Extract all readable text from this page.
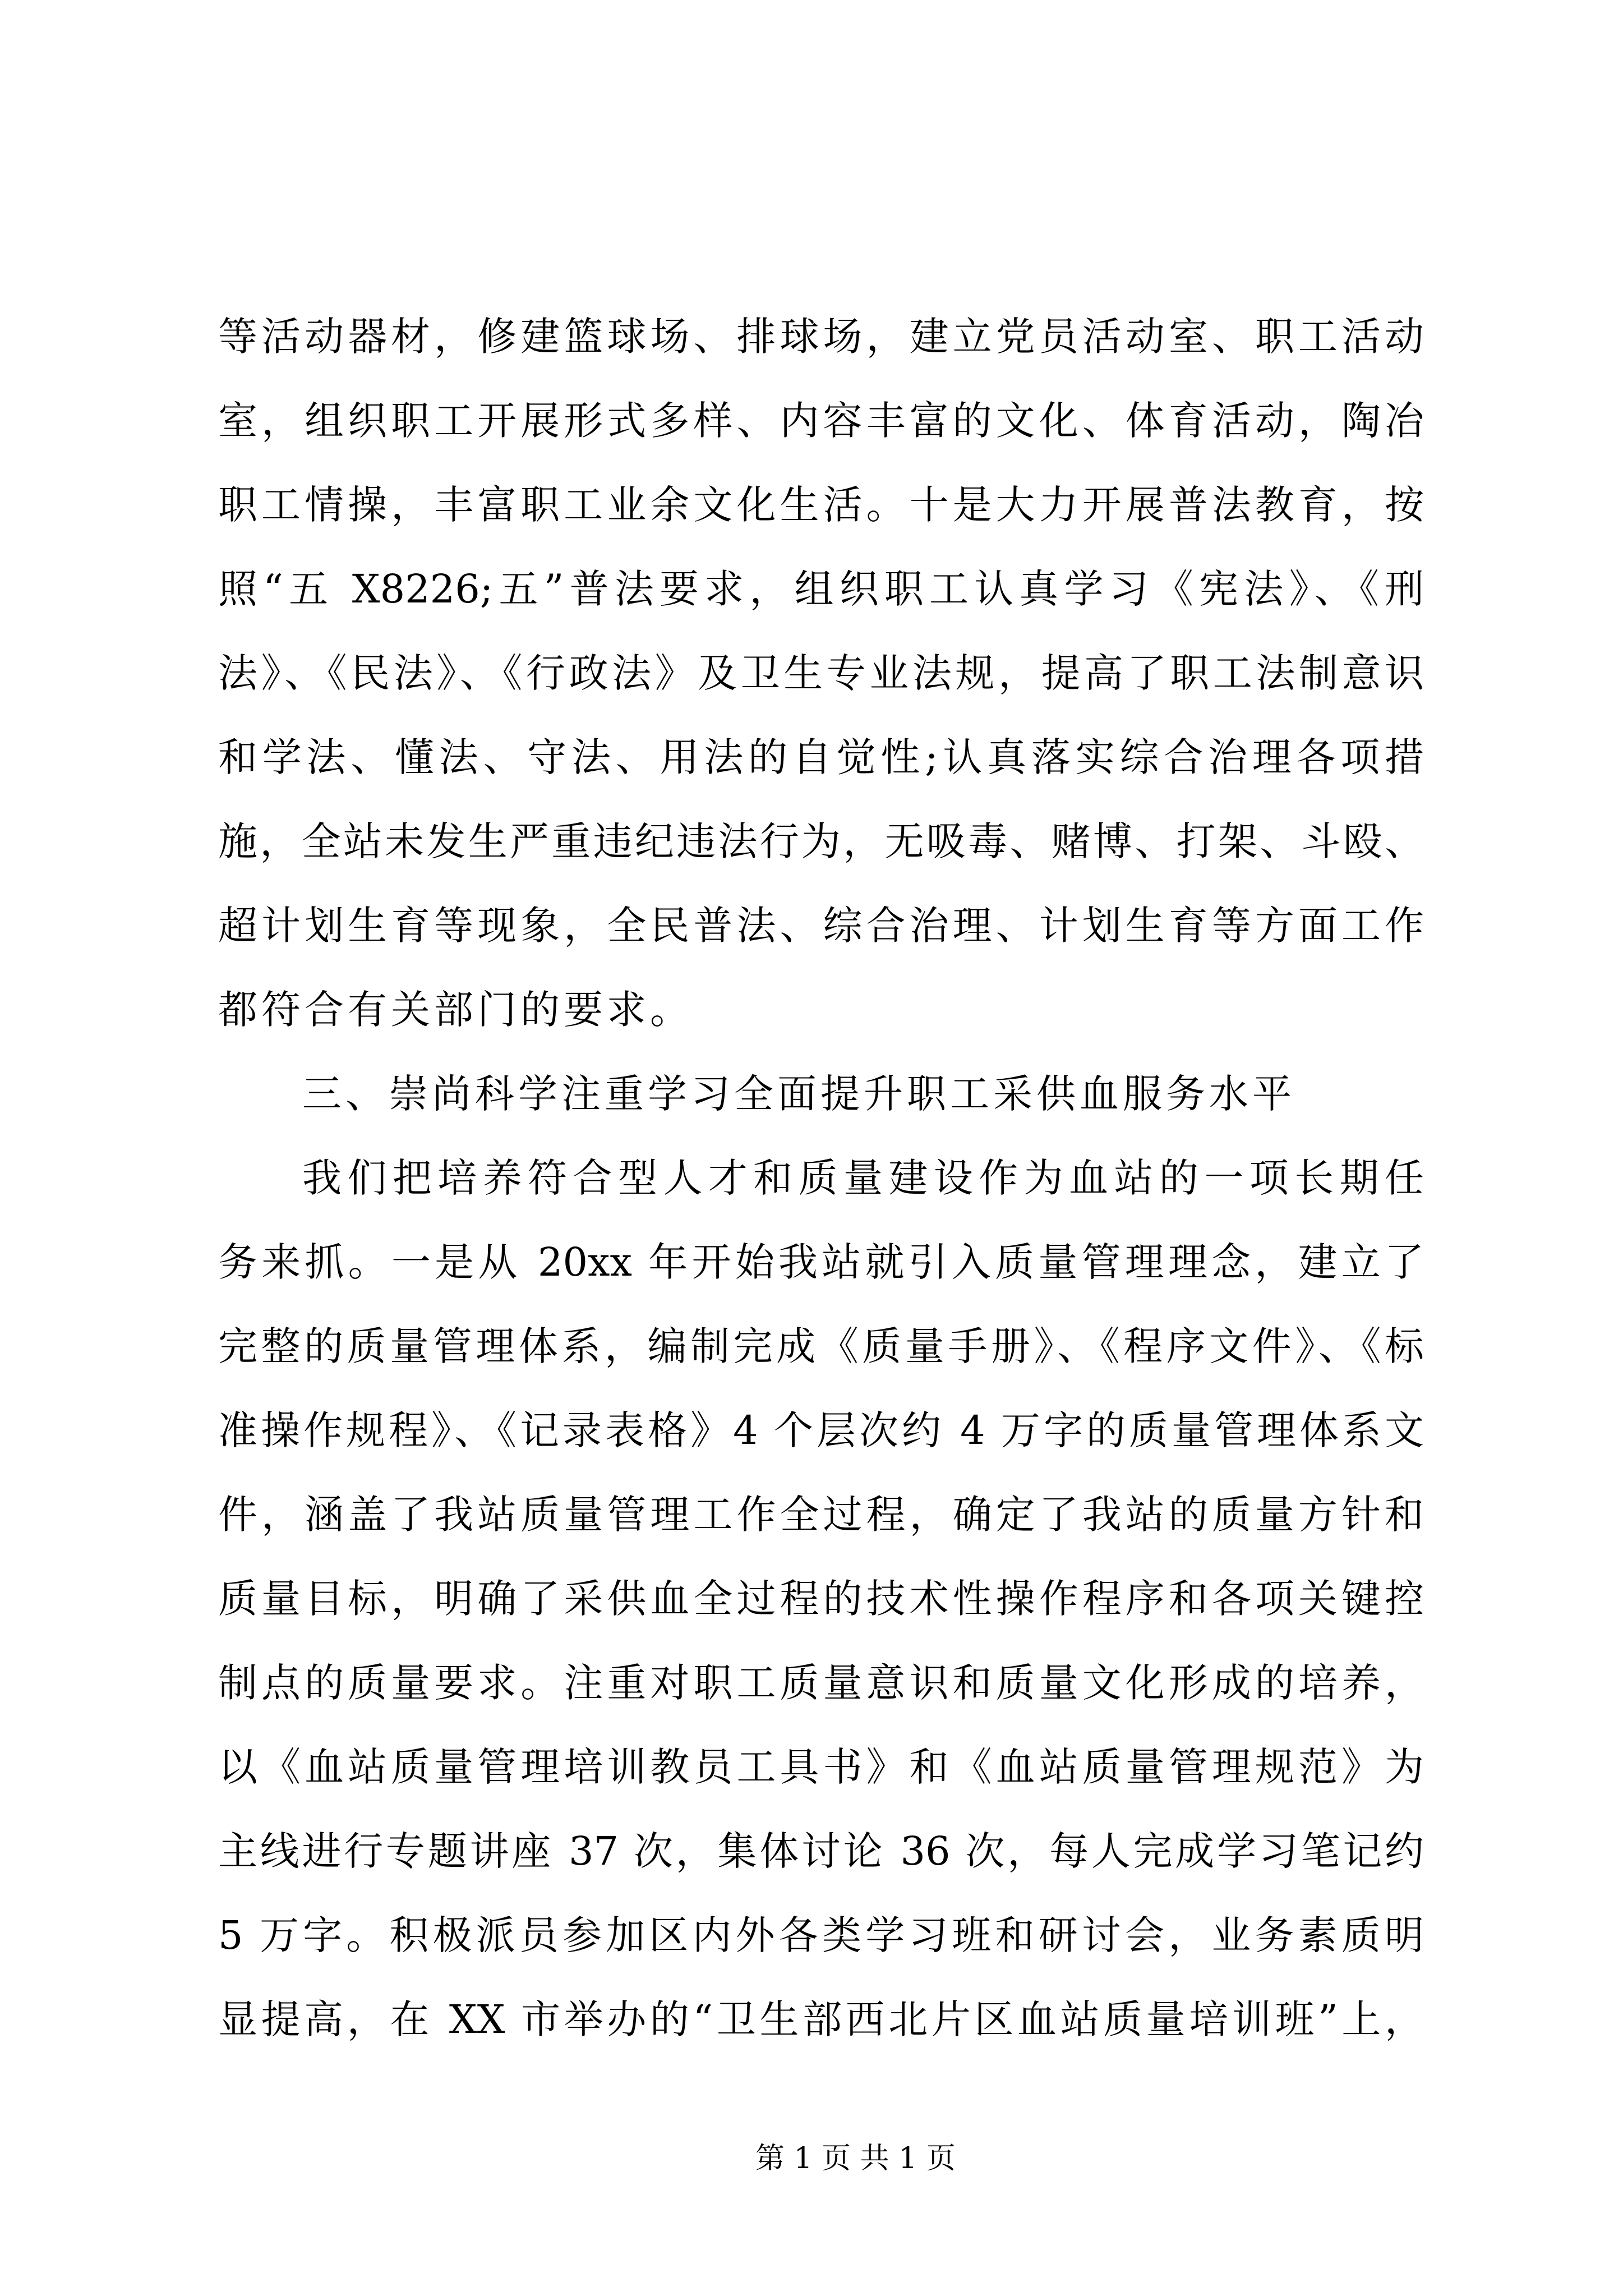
等活动器材，修建篮球场、排球场，建立党员活动室、职工活动
室，组织职工开展形式多样、内容丰富的文化、体育活动，陶冶
职工情操，丰富职工业余文化生活。十是大力开展普法教育，按
照“五 X8226;五”普法要求，组织职工认真学习《宪法》、《刑
法》、《民法》、《行政法》及卫生专业法规，提高了职工法制意识
和学法、懂法、守法、用法的自觉性;认真落实综合治理各项措
施，全站未发生严重违纪违法行为，无吸毒、赌博、打架、斗殴、
超计划生育等现象，全民普法、综合治理、计划生育等方面工作
都符合有关部门的要求。
三、崇尚科学注重学习全面提升职工采供血服务水平
我们把培养符合型人才和质量建设作为血站的一项长期任
务来抓。一是从 20xx 年开始我站就引入质量管理理念，建立了
完整的质量管理体系，编制完成《质量手册》、《程序文件》、《标
准操作规程》、《记录表格》4 个层次约 4 万字的质量管理体系文
件，涵盖了我站质量管理工作全过程，确定了我站的质量方针和
质量目标，明确了采供血全过程的技术性操作程序和各项关键控
制点的质量要求。注重对职工质量意识和质量文化形成的培养，
以《血站质量管理培训教员工具书》和《血站质量管理规范》为
主线进行专题讲座 37 次，集体讨论 36 次，每人完成学习笔记约
5 万字。积极派员参加区内外各类学习班和研讨会，业务素质明
显提高，在 XX 市举办的“卫生部西北片区血站质量培训班”上，
第 1 页 共 1 页
